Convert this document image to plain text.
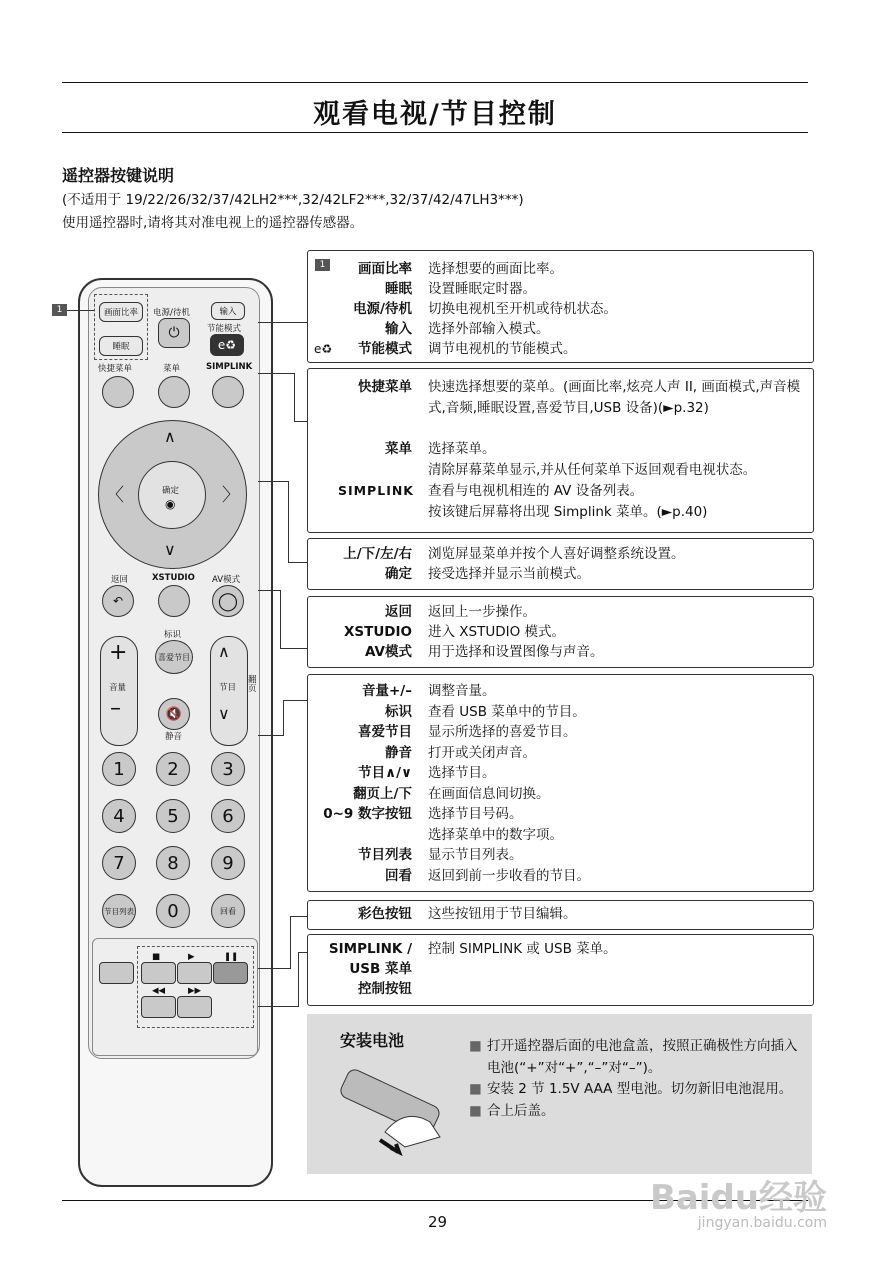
观看电视/节目控制
遥控器按键说明
(不适用于 19/22/26/32/37/42LH2***,32/42LF2***,32/37/42/47LH3***)
使用遥控器时,请将其对准电视上的遥控器传感器。
1	画面比率
睡眠
电源/待机
⏻
输入
节能模式
e♻
快捷菜单	菜单	SIMPLINK
∧
∨
〈	〉
确定
◉
返回	XSTUDIO AV模式
↶	◯
标识
喜爱节目
+
音量
–	🔇
静音
∧
节目
∨
翻页
1	2	3
4	5	6
7	8	9
节目列表	0	回看
■	▶	❚❚
◀◀	▶▶
1	画面比率 选择想要的画面比率。
睡眠 设置睡眠定时器。
电源/待机 切换电视机至开机或待机状态。
输入 选择外部输入模式。
e♻	节能模式 调节电视机的节能模式。
快捷菜单 快速选择想要的菜单。(画面比率,炫亮人声 II, 画面模式,声音模式,音频,睡眠设置,喜爱节目,USB 设备)(►p.32)
菜单 选择菜单。
清除屏幕菜单显示,并从任何菜单下返回观看电视状态。
SIMPLINK 查看与电视机相连的 AV 设备列表。
按该键后屏幕将出现 Simplink 菜单。(►p.40)
上/下/左/右 浏览屏显菜单并按个人喜好调整系统设置。
确定 接受选择并显示当前模式。
返回 返回上一步操作。
XSTUDIO 进入 XSTUDIO 模式。
AV模式 用于选择和设置图像与声音。
音量+/– 调整音量。
标识 查看 USB 菜单中的节目。
喜爱节目 显示所选择的喜爱节目。
静音 打开或关闭声音。
节目∧/∨ 选择节目。
翻页上/下 在画面信息间切换。
0~9 数字按钮 选择节目号码。
选择菜单中的数字项。
节目列表 显示节目列表。
回看 返回到前一步收看的节目。
彩色按钮 这些按钮用于节目编辑。
SIMPLINK /
USB 菜单
控制按钮
控制 SIMPLINK 或 USB 菜单。
安装电池	■ 打开遥控器后面的电池盒盖，按照正确极性方向插入电池(“+”对“+”,“–”对“–”)。
■ 安装 2 节 1.5V AAA 型电池。切勿新旧电池混用。
■ 合上后盖。
29
Baidu经验
jingyan.baidu.com
